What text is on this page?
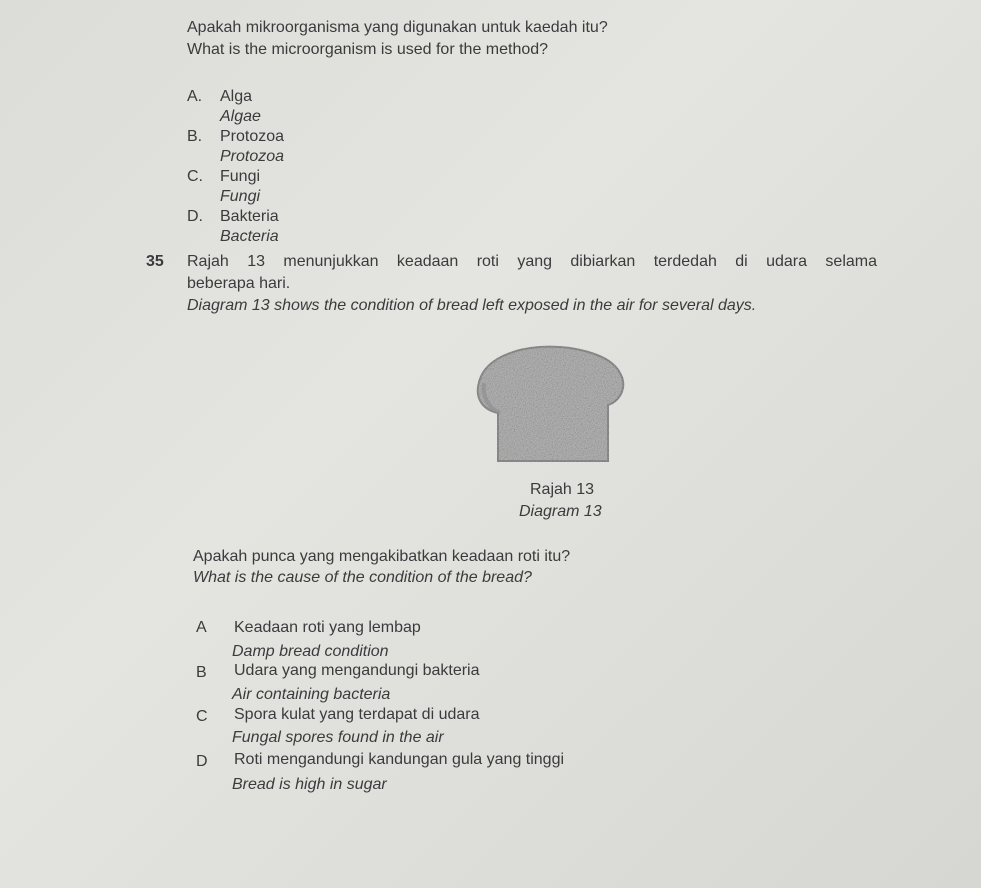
Apakah mikroorganisma yang digunakan untuk kaedah itu?
What is the microorganism is used for the method?
A. Alga
Algae
B. Protozoa
Protozoa
C. Fungi
Fungi
D. Bakteria
Bacteria
35 Rajah 13 menunjukkan keadaan roti yang dibiarkan terdedah di udara selama
beberapa hari.
Diagram 13 shows the condition of bread left exposed in the air for several days.
Rajah 13
Diagram 13
Apakah punca yang mengakibatkan keadaan roti itu?
What is the cause of the condition of the bread?
A Keadaan roti yang lembap
Damp bread condition
B Udara yang mengandungi bakteria
Air containing bacteria
C Spora kulat yang terdapat di udara
Fungal spores found in the air
D Roti mengandungi kandungan gula yang tinggi
Bread is high in sugar
